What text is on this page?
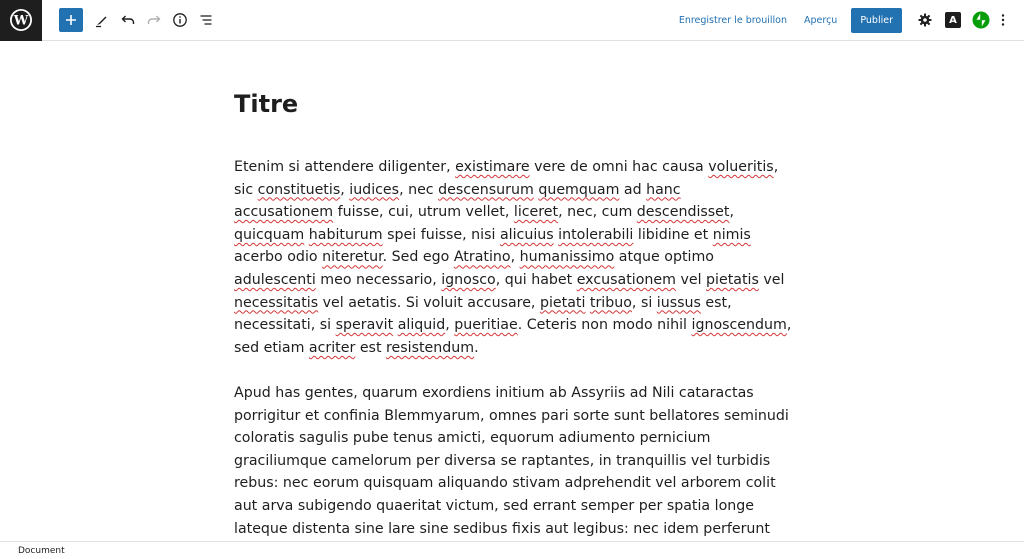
W	Enregistrer le brouillon Aperçu	Publier	A
Titre
Etenim si attendere diligenter, existimare vere de omni hac causa volueritis,
sic constituetis, iudices, nec descensurum quemquam ad hanc
accusationem fuisse, cui, utrum vellet, liceret, nec, cum descendisset,
quicquam habiturum spei fuisse, nisi alicuius intolerabili libidine et nimis
acerbo odio niteretur. Sed ego Atratino, humanissimo atque optimo
adulescenti meo necessario, ignosco, qui habet excusationem vel pietatis vel
necessitatis vel aetatis. Si voluit accusare, pietati tribuo, si iussus est,
necessitati, si speravit aliquid, pueritiae. Ceteris non modo nihil ignoscendum,
sed etiam acriter est resistendum.
Apud has gentes, quarum exordiens initium ab Assyriis ad Nili cataractas
porrigitur et confinia Blemmyarum, omnes pari sorte sunt bellatores seminudi
coloratis sagulis pube tenus amicti, equorum adiumento pernicium
graciliumque camelorum per diversa se raptantes, in tranquillis vel turbidis
rebus: nec eorum quisquam aliquando stivam adprehendit vel arborem colit
aut arva subigendo quaeritat victum, sed errant semper per spatia longe
lateque distenta sine lare sine sedibus fixis aut legibus: nec idem perferunt
Document
